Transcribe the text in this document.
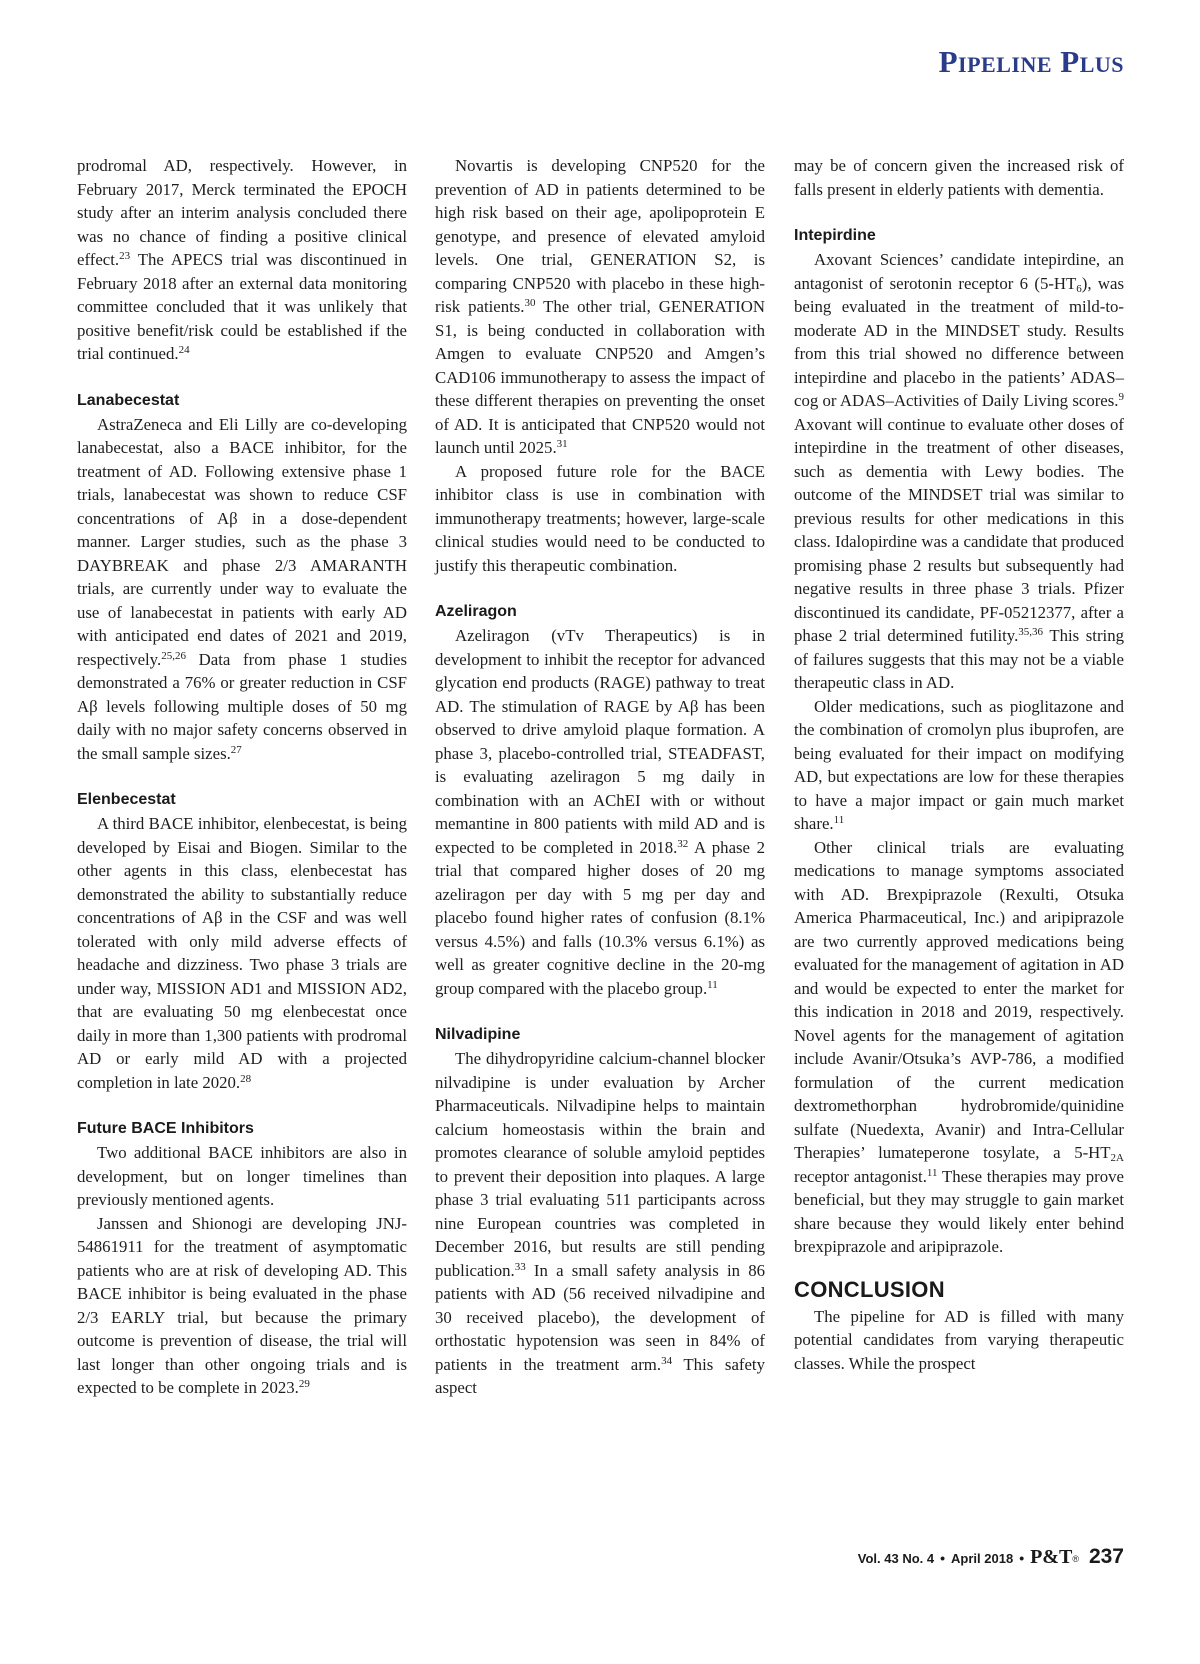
Pipeline Plus

prodromal AD, respectively. However, in February 2017, Merck terminated the EPOCH study after an interim analysis concluded there was no chance of finding a positive clinical effect.$^{23}$ The APECS trial was discontinued in February 2018 after an external data monitoring committee concluded that it was unlikely that positive benefit/risk could be established if the trial continued.$^{24}$

Lanabecestat

AstraZeneca and Eli Lilly are co-developing lanabecestat, also a BACE inhibitor, for the treatment of AD. Following extensive phase 1 trials, lanabecestat was shown to reduce CSF concentrations of Aβ in a dose-dependent manner. Larger studies, such as the phase 3 DAYBREAK and phase 2/3 AMARANTH trials, are currently under way to evaluate the use of lanabecestat in patients with early AD with anticipated end dates of 2021 and 2019, respectively.$^{25,26}$ Data from phase 1 studies demonstrated a 76% or greater reduction in CSF Aβ levels following multiple doses of 50 mg daily with no major safety concerns observed in the small sample sizes.$^{27}$

Elenbecestat

A third BACE inhibitor, elenbecestat, is being developed by Eisai and Biogen. Similar to the other agents in this class, elenbecestat has demonstrated the ability to substantially reduce concentrations of Aβ in the CSF and was well tolerated with only mild adverse effects of headache and dizziness. Two phase 3 trials are under way, MISSION AD1 and MISSION AD2, that are evaluating 50 mg elenbecestat once daily in more than 1,300 patients with prodromal AD or early mild AD with a projected completion in late 2020.28

Future BACE Inhibitors

Two additional BACE inhibitors are also in development, but on longer timelines than previously mentioned agents.

Janssen and Shionogi are developing JNJ-54861911 for the treatment of asymptomatic patients who are at risk of developing AD. This BACE inhibitor is being evaluated in the phase 2/3 EARLY trial, but because the primary outcome is prevention of disease, the trial will last longer than other ongoing trials and is expected to be complete in 2023.29

Novartis is developing CNP520 for the prevention of AD in patients determined to be high risk based on their age, apolipoprotein E genotype, and presence of elevated amyloid levels. One trial, GENERATION S2, is comparing CNP520 with placebo in these high-risk patients.$^{30}$ The other trial, GENERATION S1, is being conducted in collaboration with Amgen to evaluate CNP520 and Amgen’s CAD106 immunotherapy to assess the impact of these different therapies on preventing the onset of AD. It is anticipated that CNP520 would not launch until 2025.31

A proposed future role for the BACE inhibitor class is use in combination with immunotherapy treatments; however, large-scale clinical studies would need to be conducted to justify this therapeutic combination.

Azeliragon

Azeliragon (vTv Therapeutics) is in development to inhibit the receptor for advanced glycation end products (RAGE) pathway to treat AD. The stimulation of RAGE by Aβ has been observed to drive amyloid plaque formation. A phase 3, placebo-controlled trial, STEADFAST, is evaluating azeliragon 5 mg daily in combination with an AChEI with or without memantine in 800 patients with mild AD and is expected to be completed in 2018.32 A phase 2 trial that compared higher doses of 20 mg azeliragon per day with 5 mg per day and placebo found higher rates of confusion (8.1% versus 4.5%) and falls (10.3% versus 6.1%) as well as greater cognitive decline in the 20-mg group compared with the placebo group.$^{11}$

Nilvadipine

The dihydropyridine calcium-channel blocker nilvadipine is under evaluation by Archer Pharmaceuticals. Nilvadipine helps to maintain calcium homeostasis within the brain and promotes clearance of soluble amyloid peptides to prevent their deposition into plaques. A large phase 3 trial evaluating 511 participants across nine European countries was completed in December 2016, but results are still pending publication.$^{33}$ In a small safety analysis in 86 patients with AD (56 received nilvadipine and 30 received placebo), the development of orthostatic hypotension was seen in 84% of patients in the treatment arm.$^{34}$ This safety aspect

may be of concern given the increased risk of falls present in elderly patients with dementia.

Intepirdine

Axovant Sciences’ candidate intepirdine, an antagonist of serotonin receptor 6 $(5-HT_6)$, was being evaluated in the treatment of mild-to-moderate AD in the MINDSET study. Results from this trial showed no difference between intepirdine and placebo in the patients’ ADAS–cog or ADAS–Activities of Daily Living scores.$^9$ Axovant will continue to evaluate other doses of intepirdine in the treatment of other diseases, such as dementia with Lewy bodies. The outcome of the MINDSET trial was similar to previous results for other medications in this class. Idalopirdine was a candidate that produced promising phase 2 results but subsequently had negative results in three phase 3 trials. Pfizer discontinued its candidate, PF-05212377, after a phase 2 trial determined futility.$^{35,36}$ This string of failures suggests that this may not be a viable therapeutic class in AD.

Older medications, such as pioglitazone and the combination of cromolyn plus ibuprofen, are being evaluated for their impact on modifying AD, but expectations are low for these therapies to have a major impact or gain much market share.$^{11}$

Other clinical trials are evaluating medications to manage symptoms associated with AD. Brexpiprazole (Rexulti, Otsuka America Pharmaceutical, Inc.) and aripiprazole are two currently approved medications being evaluated for the management of agitation in AD and would be expected to enter the market for this indication in 2018 and 2019, respectively. Novel agents for the management of agitation include Avanir/Otsuka’s AVP-786, a modified formulation of the current medication dextromethorphan hydrobromide/quinidine sulfate (Nuedexta, Avanir) and Intra-Cellular Therapies’ lumateperone tosylate, a $5-HT_{2A}$ receptor antagonist.$^{11}$ These therapies may prove beneficial, but they may struggle to gain market share because they would likely enter behind brexpiprazole and aripiprazole.

CONCLUSION

The pipeline for AD is filled with many potential candidates from varying therapeutic classes. While the prospect

Vol. 43 No. 4 • April 2018 • P&T® 237
